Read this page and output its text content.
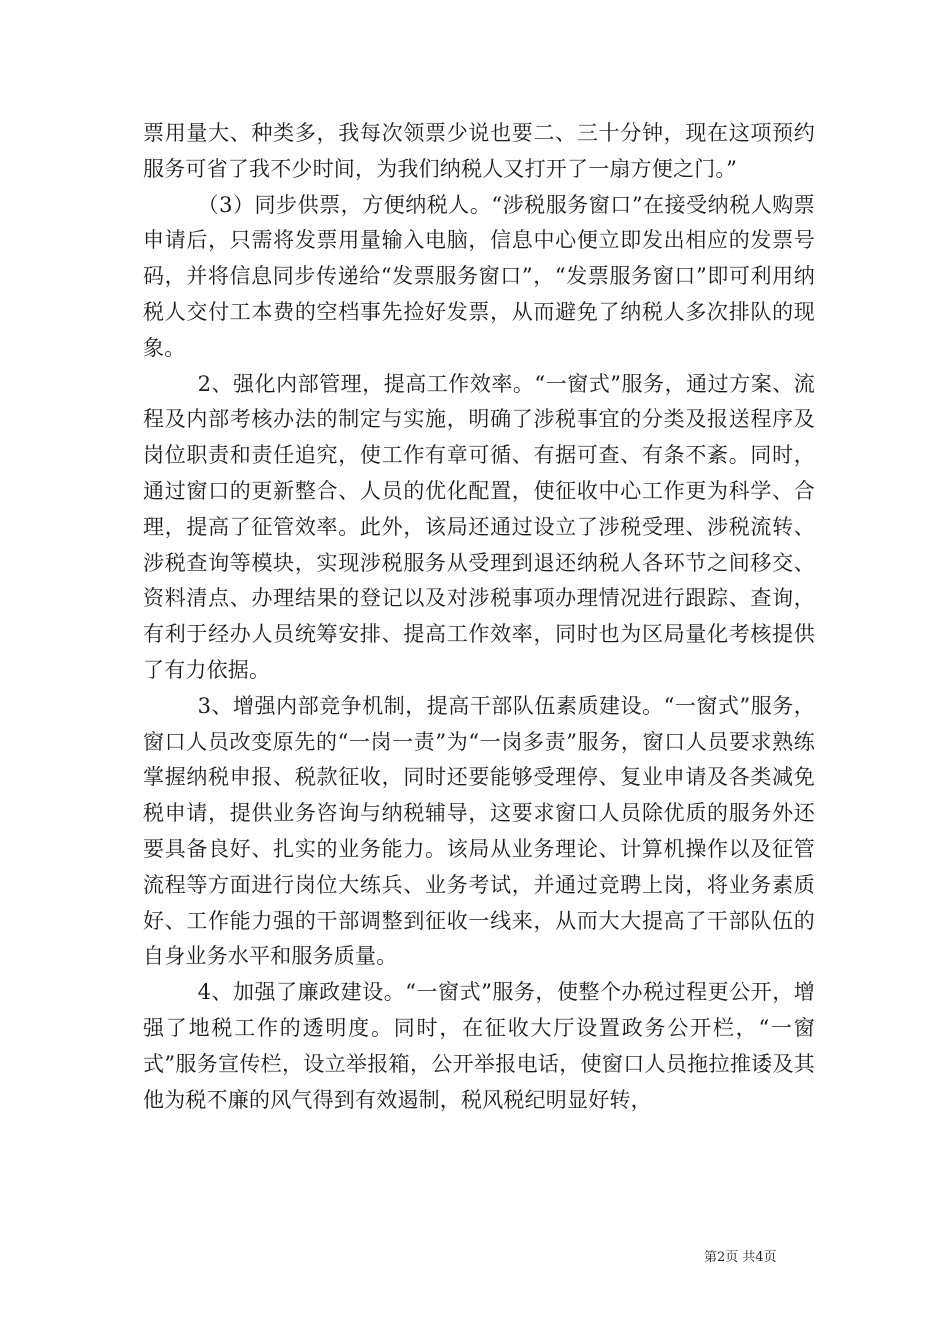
票用量大、种类多，我每次领票少说也要二、三十分钟，现在这项预约服务可省了我不少时间，为我们纳税人又打开了一扇方便之门。”

（3）同步供票，方便纳税人。“涉税服务窗口”在接受纳税人购票申请后，只需将发票用量输入电脑，信息中心便立即发出相应的发票号码，并将信息同步传递给“发票服务窗口”，“发票服务窗口”即可利用纳税人交付工本费的空档事先捡好发票，从而避免了纳税人多次排队的现象。

2、强化内部管理，提高工作效率。“一窗式”服务，通过方案、流程及内部考核办法的制定与实施，明确了涉税事宜的分类及报送程序及岗位职责和责任追究，使工作有章可循、有据可查、有条不紊。同时，通过窗口的更新整合、人员的优化配置，使征收中心工作更为科学、合理，提高了征管效率。此外，该局还通过设立了涉税受理、涉税流转、涉税查询等模块，实现涉税服务从受理到退还纳税人各环节之间移交、资料清点、办理结果的登记以及对涉税事项办理情况进行跟踪、查询，有利于经办人员统筹安排、提高工作效率，同时也为区局量化考核提供了有力依据。

3、增强内部竞争机制，提高干部队伍素质建设。“一窗式”服务，窗口人员改变原先的“一岗一责”为“一岗多责”服务，窗口人员要求熟练掌握纳税申报、税款征收，同时还要能够受理停、复业申请及各类减免税申请，提供业务咨询与纳税辅导，这要求窗口人员除优质的服务外还要具备良好、扎实的业务能力。该局从业务理论、计算机操作以及征管流程等方面进行岗位大练兵、业务考试，并通过竞聘上岗，将业务素质好、工作能力强的干部调整到征收一线来，从而大大提高了干部队伍的自身业务水平和服务质量。

4、加强了廉政建设。“一窗式”服务，使整个办税过程更公开，增强了地税工作的透明度。同时，在征收大厅设置政务公开栏，“一窗式”服务宣传栏，设立举报箱，公开举报电话，使窗口人员拖拉推诿及其他为税不廉的风气得到有效遏制，税风税纪明显好转，

第2页 共4页
